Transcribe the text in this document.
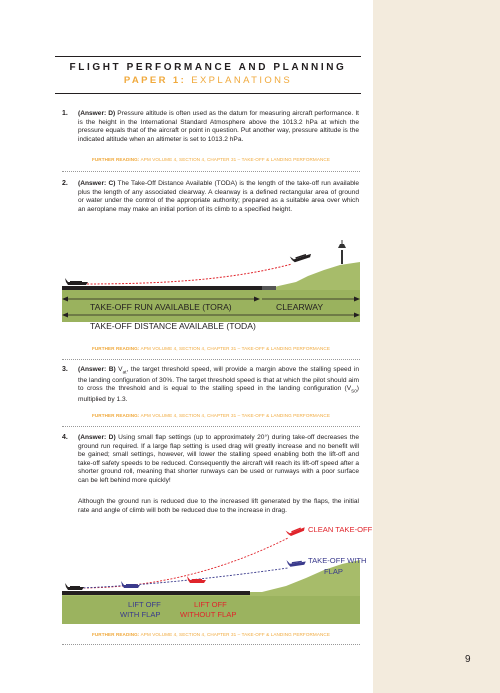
FLIGHT PERFORMANCE AND PLANNING
PAPER 1: EXPLANATIONS
1. (Answer: D) Pressure altitude is often used as the datum for measuring aircraft performance. It is the height in the International Standard Atmosphere above the 1013.2 hPa at which the pressure equals that of the aircraft or point in question. Put another way, pressure altitude is the indicated altitude when an altimeter is set to 1013.2 hPa.
FURTHER READING: APM VOLUME 4, SECTION 4, CHAPTER 31 – TAKE-OFF & LANDING PERFORMANCE
2. (Answer: C) The Take-Off Distance Available (TODA) is the length of the take-off run available plus the length of any associated clearway. A clearway is a defined rectangular area of ground or water under the control of the appropriate authority; prepared as a suitable area over which an aeroplane may make an initial portion of its climb to a specified height.
TAKE-OFF RUN AVAILABLE (TORA)	CLEARWAY
TAKE-OFF DISTANCE AVAILABLE (TODA)
FURTHER READING: APM VOLUME 4, SECTION 4, CHAPTER 31 – TAKE-OFF & LANDING PERFORMANCE
3. (Answer: B) $V_{at}$, the target threshold speed, will provide a margin above the stalling speed in the landing configuration of 30%. The target threshold speed is that at which the pilot should aim to cross the threshold and is equal to the stalling speed in the landing configuration $(V_{S0})$ multiplied by 1.3.
FURTHER READING: APM VOLUME 4, SECTION 4, CHAPTER 31 – TAKE-OFF & LANDING PERFORMANCE
4. (Answer: D) Using small flap settings (up to approximately 20°) during take-off decreases the ground run required. If a large flap setting is used drag will greatly increase and no benefit will be gained; small settings, however, will lower the stalling speed enabling both the lift-off and take-off safety speeds to be reduced. Consequently the aircraft will reach its lift-off speed after a shorter ground roll, meaning that shorter runways can be used or runways with a poor surface can be left behind more quickly!
Although the ground run is reduced due to the increased lift generated by the flaps, the initial rate and angle of climb will both be reduced due to the increase in drag.
CLEAN TAKE-OFF
TAKE-OFF WITH
FLAP
LIFT OFF
WITH FLAP
LIFT OFF
WITHOUT FLAP
FURTHER READING: APM VOLUME 4, SECTION 4, CHAPTER 31 – TAKE-OFF & LANDING PERFORMANCE
9
